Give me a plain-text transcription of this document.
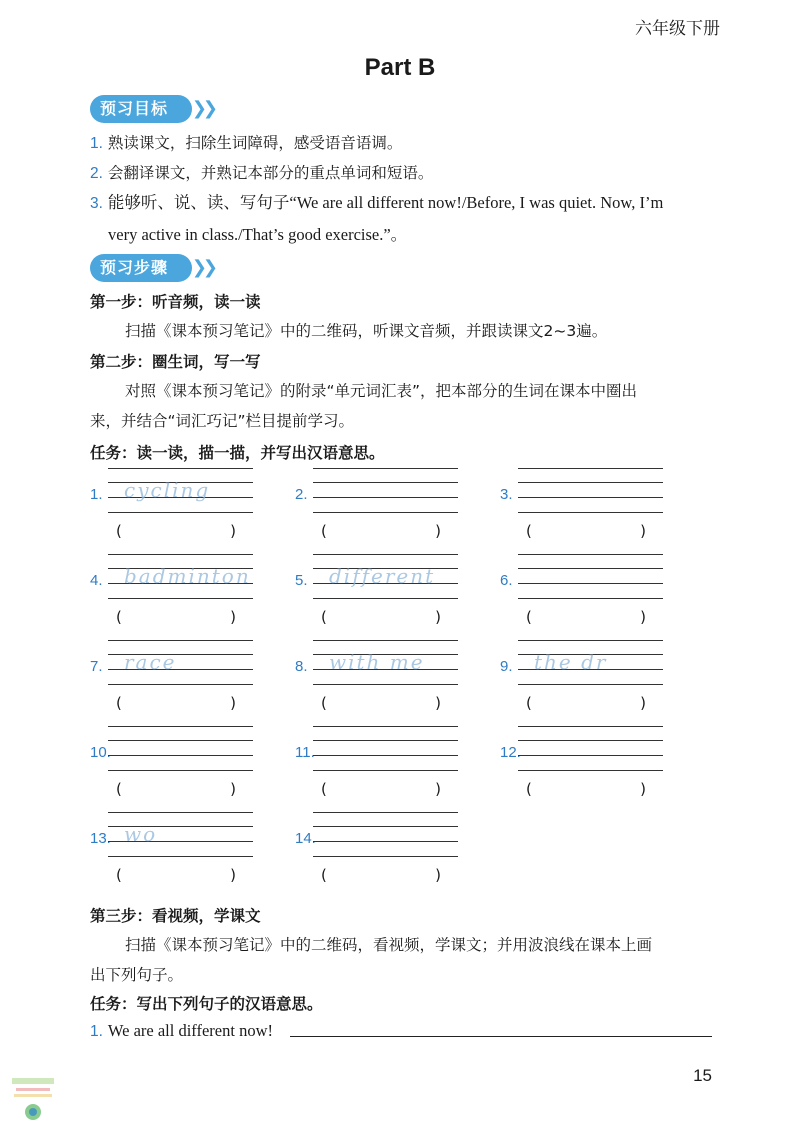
六年级下册
Part B
预习目标 ❯❯
1. 熟读课文，扫除生词障碍，感受语音语调。
2. 会翻译课文，并熟记本部分的重点单词和短语。
3. 能够听、说、读、写句子“We are all different now!/Before, I was quiet. Now, I’m
very active in class./That’s good exercise.”。
预习步骤 ❯❯
第一步：听音频，读一读
扫描《课本预习笔记》中的二维码，听课文音频，并跟读课文2~3遍。
第二步：圈生词，写一写
对照《课本预习笔记》的附录“单元词汇表”，把本部分的生词在课本中圈出
来，并结合“词汇巧记”栏目提前学习。
任务：读一读，描一描，并写出汉语意思。
1. cycling
(	)
2.
(	)
3.
(	)
4. badminton
(	)
5. different
(	)
6.
(	)
7. race
(	)
8. with me
(	)
9. the dr
(	)
10.
(	)
11.
(	)
12.
(	)
13. wo
(	)
14.
(	)
第三步：看视频，学课文
扫描《课本预习笔记》中的二维码，看视频，学课文；并用波浪线在课本上画
出下列句子。
任务：写出下列句子的汉语意思。
1. We are all different now!
15
